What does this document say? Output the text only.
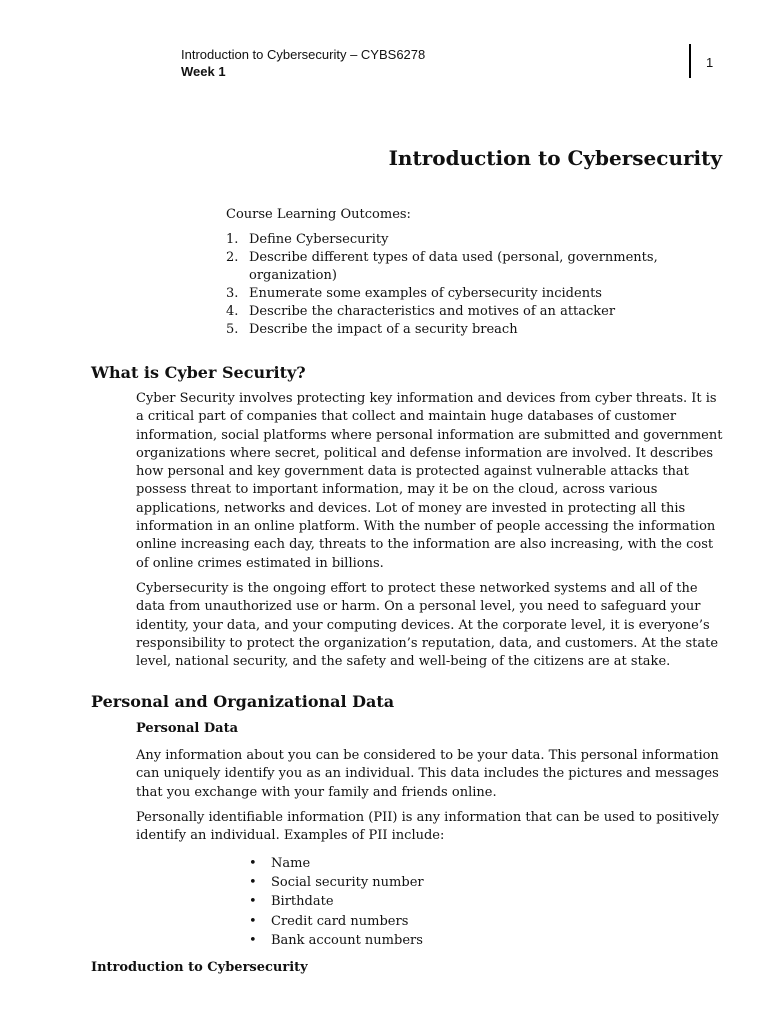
Introduction to Cybersecurity – CYBS6278
Week 1
1
Introduction to Cybersecurity

Course Learning Outcomes:

1. Define Cybersecurity
2. Describe different types of data used (personal, governments, organization)
3. Enumerate some examples of cybersecurity incidents
4. Describe the characteristics and motives of an attacker
5. Describe the impact of a security breach
What is Cyber Security?

Cyber Security involves protecting key information and devices from cyber threats. It is a critical part of companies that collect and maintain huge databases of customer information, social platforms where personal information are submitted and government organizations where secret, political and defense information are involved. It describes how personal and key government data is protected against vulnerable attacks that possess threat to important information, may it be on the cloud, across various applications, networks and devices. Lot of money are invested in protecting all this information in an online platform. With the number of people accessing the information online increasing each day, threats to the information are also increasing, with the cost of online crimes estimated in billions.

Cybersecurity is the ongoing effort to protect these networked systems and all of the data from unauthorized use or harm. On a personal level, you need to safeguard your identity, your data, and your computing devices. At the corporate level, it is everyone’s responsibility to protect the organization’s reputation, data, and customers. At the state level, national security, and the safety and well-being of the citizens are at stake.

Personal and Organizational Data
Personal Data

Any information about you can be considered to be your data. This personal information can uniquely identify you as an individual. This data includes the pictures and messages that you exchange with your family and friends online.

Personally identifiable information (PII) is any information that can be used to positively identify an individual. Examples of PII include:

• Name
• Social security number
• Birthdate
• Credit card numbers
• Bank account numbers
Introduction to Cybersecurity
